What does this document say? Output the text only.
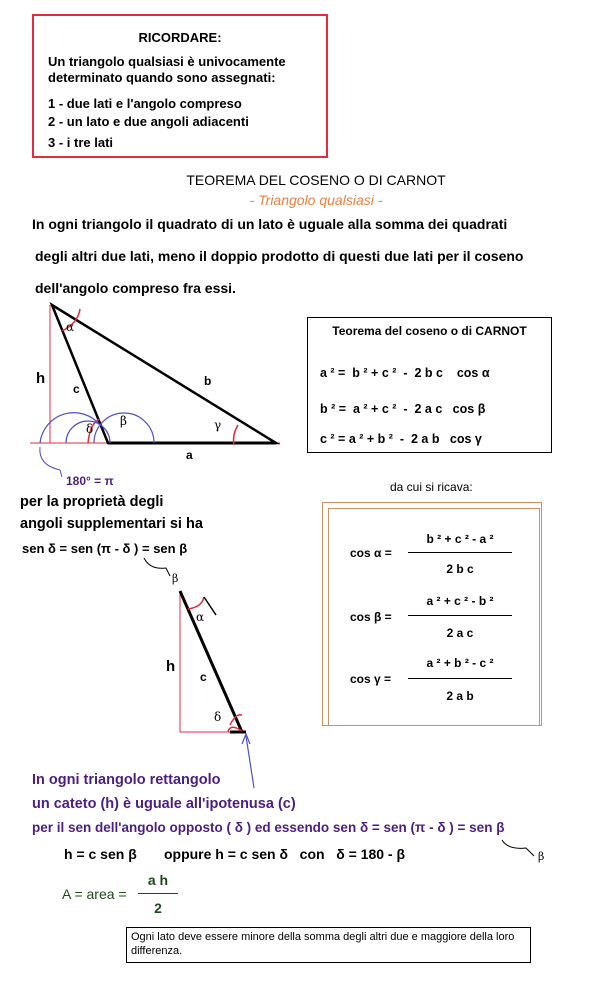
RICORDARE:
Un triangolo qualsiasi è univocamente
determinato quando sono assegnati:
1 - due lati e l'angolo compreso
2 - un lato e due angoli adiacenti
3 - i tre lati
TEOREMA DEL COSENO O DI CARNOT
- Triangolo qualsiasi -
In ogni triangolo il quadrato di un lato è uguale alla somma dei quadrati
degli altri due lati, meno il doppio prodotto di questi due lati per il coseno
dell'angolo compreso fra essi.
α
γ
δ
β
a
b
c
h
180° = π
Teorema del coseno o di CARNOT
a ² =  b ² + c ²  -  2 b c    cos α
b ² =  a ² + c ²  -  2 a c   cos β
c ² = a ² + b ²  -  2 a b   cos γ
da cui si ricava:
cos α =
b ² + c ² - a ²
2 b c
cos β =
a ² + c ² - b ²
2 a c
cos γ =
a ² + b ² - c ²
2 a b
per la proprietà degli
angoli supplementari si ha
sen δ = sen (π - δ ) = sen β
β
α
δ
c
h
In ogni triangolo rettangolo
un cateto (h) è uguale all'ipotenusa (c)
per il sen dell'angolo opposto ( δ ) ed essendo sen δ = sen (π - δ ) = sen β
β
h = c sen β       oppure h = c sen δ   con   δ = 180 - β
A = area =
a h
2
Ogni lato deve essere minore della somma degli altri due e maggiore della loro differenza.
